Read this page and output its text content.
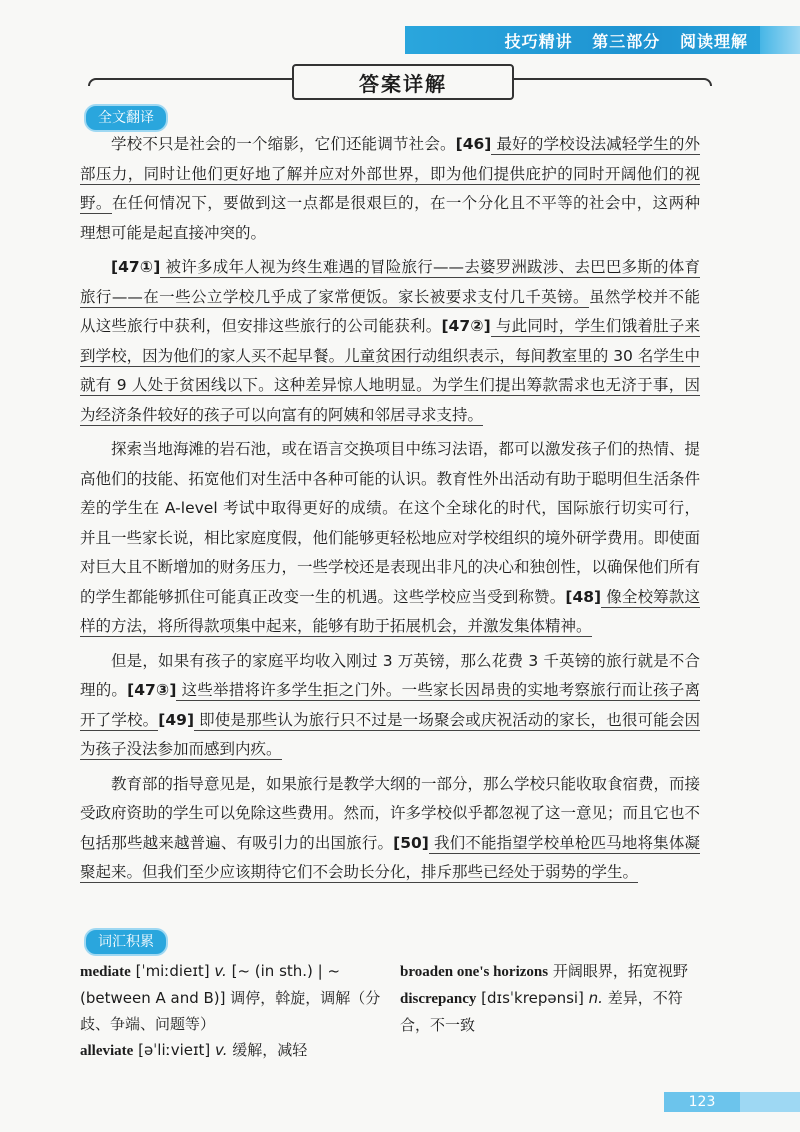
技巧精讲   第三部分   阅读理解
答案详解
全文翻译

学校不只是社会的一个缩影，它们还能调节社会。[46] 最好的学校设法减轻学生的外部压力，同时让他们更好地了解并应对外部世界，即为他们提供庇护的同时开阔他们的视野。在任何情况下，要做到这一点都是很艰巨的，在一个分化且不平等的社会中，这两种理想可能是起直接冲突的。

[47①] 被许多成年人视为终生难遇的冒险旅行——去婆罗洲跋涉、去巴巴多斯的体育旅行——在一些公立学校几乎成了家常便饭。家长被要求支付几千英镑。虽然学校并不能从这些旅行中获利，但安排这些旅行的公司能获利。[47②] 与此同时，学生们饿着肚子来到学校，因为他们的家人买不起早餐。儿童贫困行动组织表示，每间教室里的 30 名学生中就有 9 人处于贫困线以下。这种差异惊人地明显。为学生们提出筹款需求也无济于事，因为经济条件较好的孩子可以向富有的阿姨和邻居寻求支持。

探索当地海滩的岩石池，或在语言交换项目中练习法语，都可以激发孩子们的热情、提高他们的技能、拓宽他们对生活中各种可能的认识。教育性外出活动有助于聪明但生活条件差的学生在 A-level 考试中取得更好的成绩。在这个全球化的时代，国际旅行切实可行，并且一些家长说，相比家庭度假，他们能够更轻松地应对学校组织的境外研学费用。即使面对巨大且不断增加的财务压力，一些学校还是表现出非凡的决心和独创性，以确保他们所有的学生都能够抓住可能真正改变一生的机遇。这些学校应当受到称赞。[48] 像全校筹款这样的方法，将所得款项集中起来，能够有助于拓展机会，并激发集体精神。

但是，如果有孩子的家庭平均收入刚过 3 万英镑，那么花费 3 千英镑的旅行就是不合理的。[47③] 这些举措将许多学生拒之门外。一些家长因昂贵的实地考察旅行而让孩子离开了学校。[49] 即使是那些认为旅行只不过是一场聚会或庆祝活动的家长，也很可能会因为孩子没法参加而感到内疚。

教育部的指导意见是，如果旅行是教学大纲的一部分，那么学校只能收取食宿费，而接受政府资助的学生可以免除这些费用。然而，许多学校似乎都忽视了这一意见；而且它也不包括那些越来越普遍、有吸引力的出国旅行。[50] 我们不能指望学校单枪匹马地将集体凝聚起来。但我们至少应该期待它们不会助长分化，排斥那些已经处于弱势的学生。

词汇积累
mediate [ˈmiːdieɪt] v. [~ (in sth.) | ~ (between A and B)] 调停，斡旋，调解（分歧、争端、问题等）
alleviate [əˈliːvieɪt] v. 缓解，减轻
broaden one's horizons 开阔眼界，拓宽视野
discrepancy [dɪsˈkrepənsi] n. 差异，不符合，不一致
123
